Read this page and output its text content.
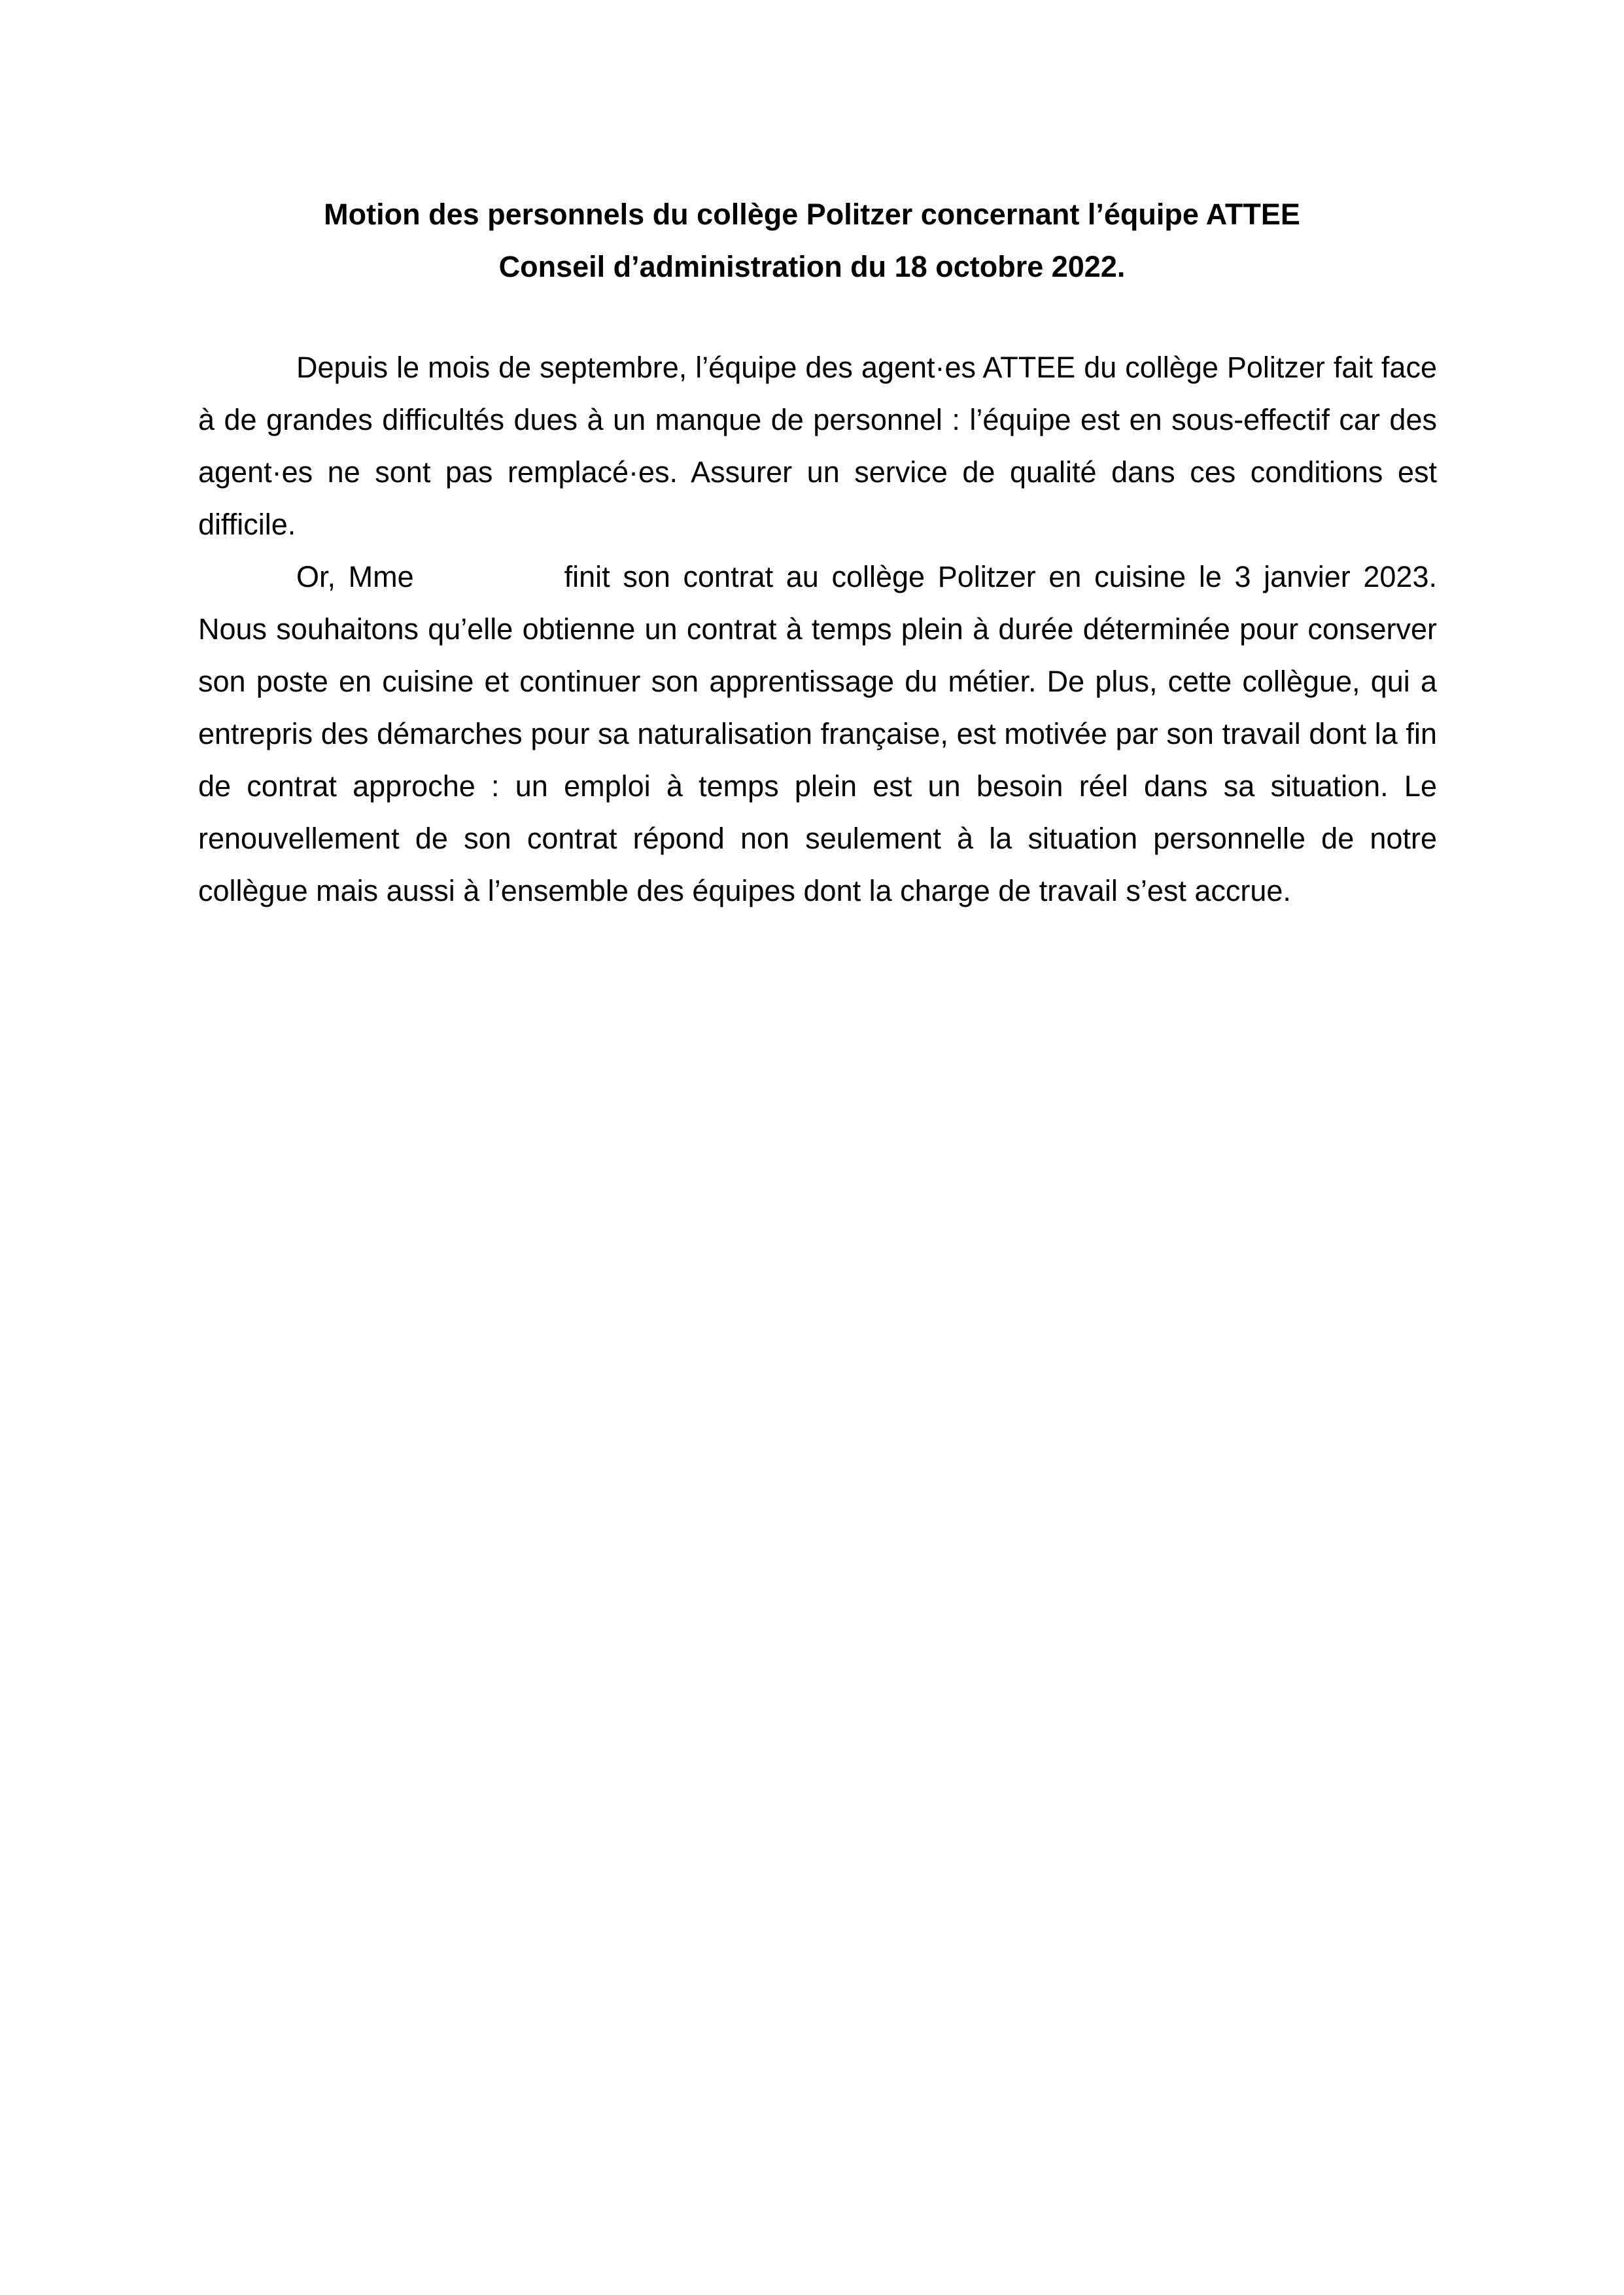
Motion des personnels du collège Politzer concernant l’équipe ATTEE
Conseil d’administration du 18 octobre 2022.

Depuis le mois de septembre, l’équipe des agent·es ATTEE du collège Politzer fait face à de grandes difficultés dues à un manque de personnel : l’équipe est en sous-effectif car des agent·es ne sont pas remplacé·es. Assurer un service de qualité dans ces conditions est difficile.

Or, Mme	finit son contrat au collège Politzer en cuisine le 3 janvier 2023. Nous souhaitons qu’elle obtienne un contrat à temps plein à durée déterminée pour conserver son poste en cuisine et continuer son apprentissage du métier. De plus, cette collègue, qui a entrepris des démarches pour sa naturalisation française, est motivée par son travail dont la fin de contrat approche : un emploi à temps plein est un besoin réel dans sa situation. Le renouvellement de son contrat répond non seulement à la situation personnelle de notre collègue mais aussi à l’ensemble des équipes dont la charge de travail s’est accrue.
